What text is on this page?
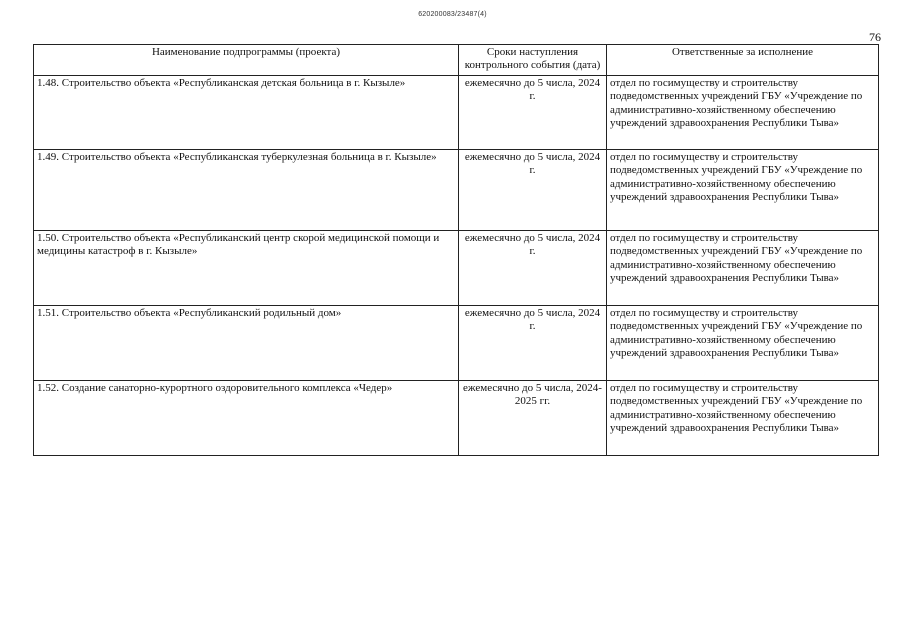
620200083/23487(4)
76
Наименование подпрограммы (проекта)	Сроки наступления контрольного события (дата)	Ответственные за исполнение
1.48. Строительство объекта «Республиканская детская больница в г. Кызыле»	ежемесячно до 5 числа, 2024 г.	отдел по госимуществу и строительству подведомственных учреждений ГБУ «Учреждение по административно-хозяйственному обеспечению учреждений здравоохранения Республики Тыва»
1.49. Строительство объекта «Республиканская туберкулезная больница в г. Кызыле»	ежемесячно до 5 числа, 2024 г.	отдел по госимуществу и строительству подведомственных учреждений ГБУ «Учреждение по административно-хозяйственному обеспечению учреждений здравоохранения Республики Тыва»
1.50. Строительство объекта «Республиканский центр скорой медицинской помощи и медицины катастроф в г. Кызыле»	ежемесячно до 5 числа, 2024 г.	отдел по госимуществу и строительству подведомственных учреждений ГБУ «Учреждение по административно-хозяйственному обеспечению учреждений здравоохранения Республики Тыва»
1.51. Строительство объекта «Республиканский родильный дом»	ежемесячно до 5 числа, 2024 г.	отдел по госимуществу и строительству подведомственных учреждений ГБУ «Учреждение по административно-хозяйственному обеспечению учреждений здравоохранения Республики Тыва»
1.52. Создание санаторно-курортного оздоровительного комплекса «Чедер»	ежемесячно до 5 числа, 2024-2025 гг.	отдел по госимуществу и строительству подведомственных учреждений ГБУ «Учреждение по административно-хозяйственному обеспечению учреждений здравоохранения Республики Тыва»
